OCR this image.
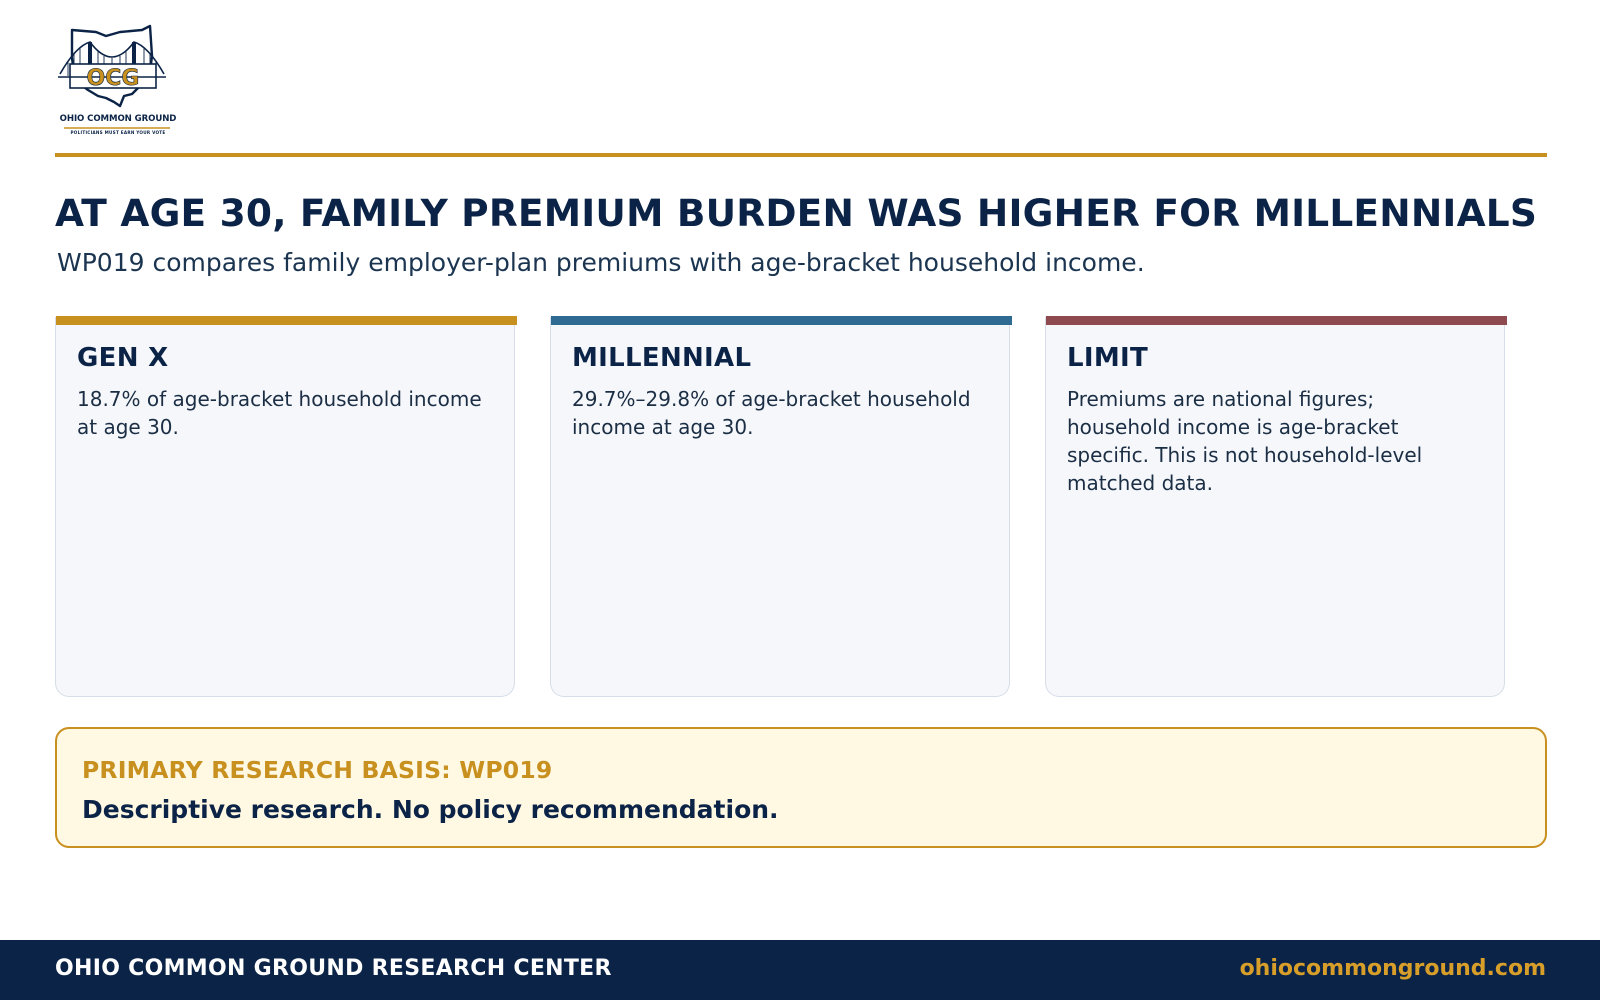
OCG
OHIO COMMON GROUND
POLITICIANS MUST EARN YOUR VOTE
AT AGE 30, FAMILY PREMIUM BURDEN WAS HIGHER FOR MILLENNIALS

WP019 compares family employer-plan premiums with age-bracket household income.

GEN X

18.7% of age-bracket household income at age 30.

MILLENNIAL

29.7%–29.8% of age-bracket household income at age 30.

LIMIT

Premiums are national figures; household income is age-bracket specific. This is not household-level matched data.

PRIMARY RESEARCH BASIS: WP019

Descriptive research. No policy recommendation.

OHIO COMMON GROUND RESEARCH CENTER	ohiocommonground.com
